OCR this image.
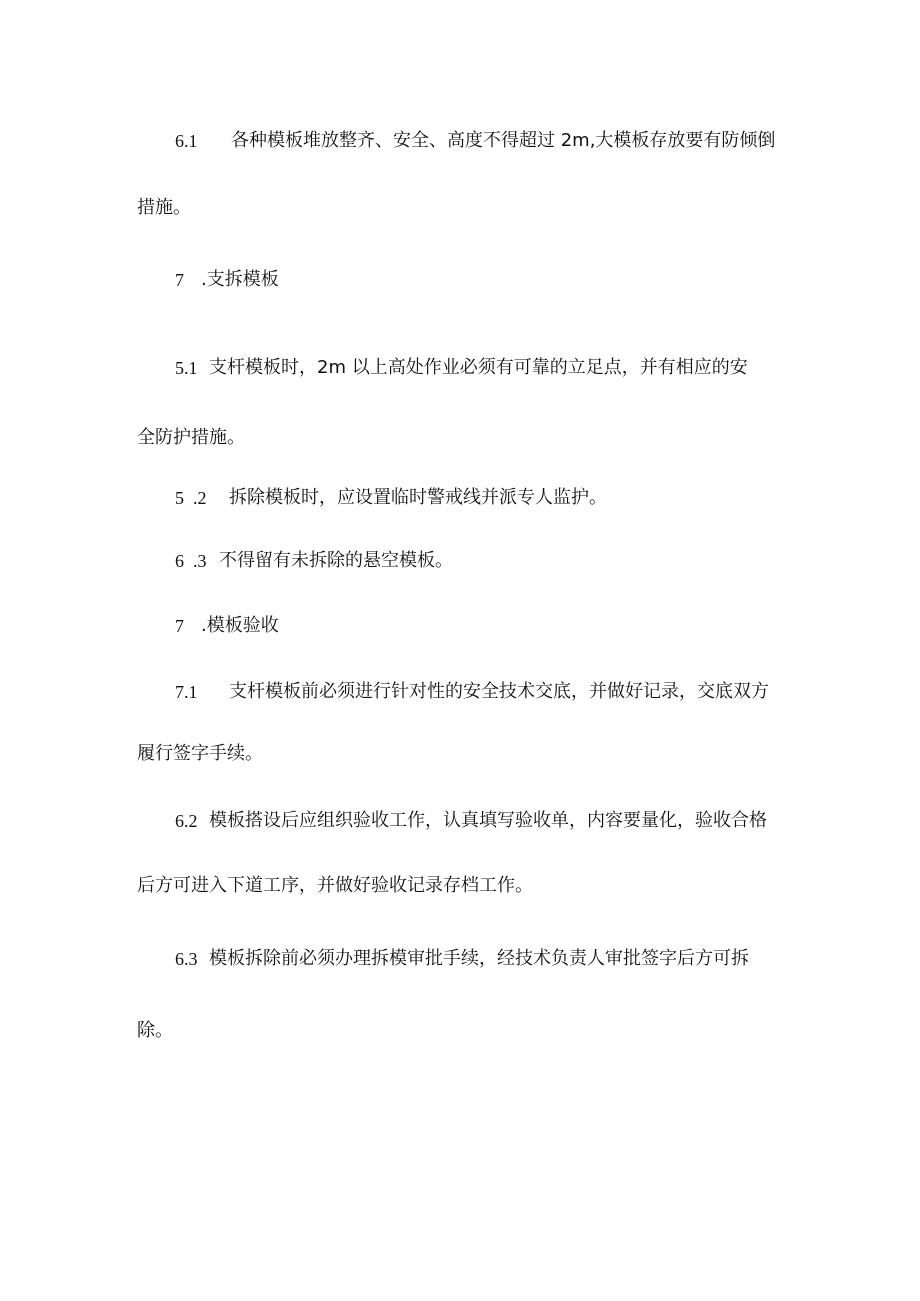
6.1 各种模板堆放整齐、安全、高度不得超过 2m,大模板存放要有防倾倒
措施。
7 .支拆模板
5.1 支杆模板时，2m 以上高处作业必须有可靠的立足点，并有相应的安
全防护措施。
5  .2 拆除模板时，应设置临时警戒线并派专人监护。
6  .3 不得留有未拆除的悬空模板。
7 .模板验收
7.1 支杆模板前必须进行针对性的安全技术交底，并做好记录，交底双方
履行签字手续。
6.2 模板搭设后应组织验收工作，认真填写验收单，内容要量化，验收合格
后方可进入下道工序，并做好验收记录存档工作。
6.3 模板拆除前必须办理拆模审批手续，经技术负责人审批签字后方可拆
除。
